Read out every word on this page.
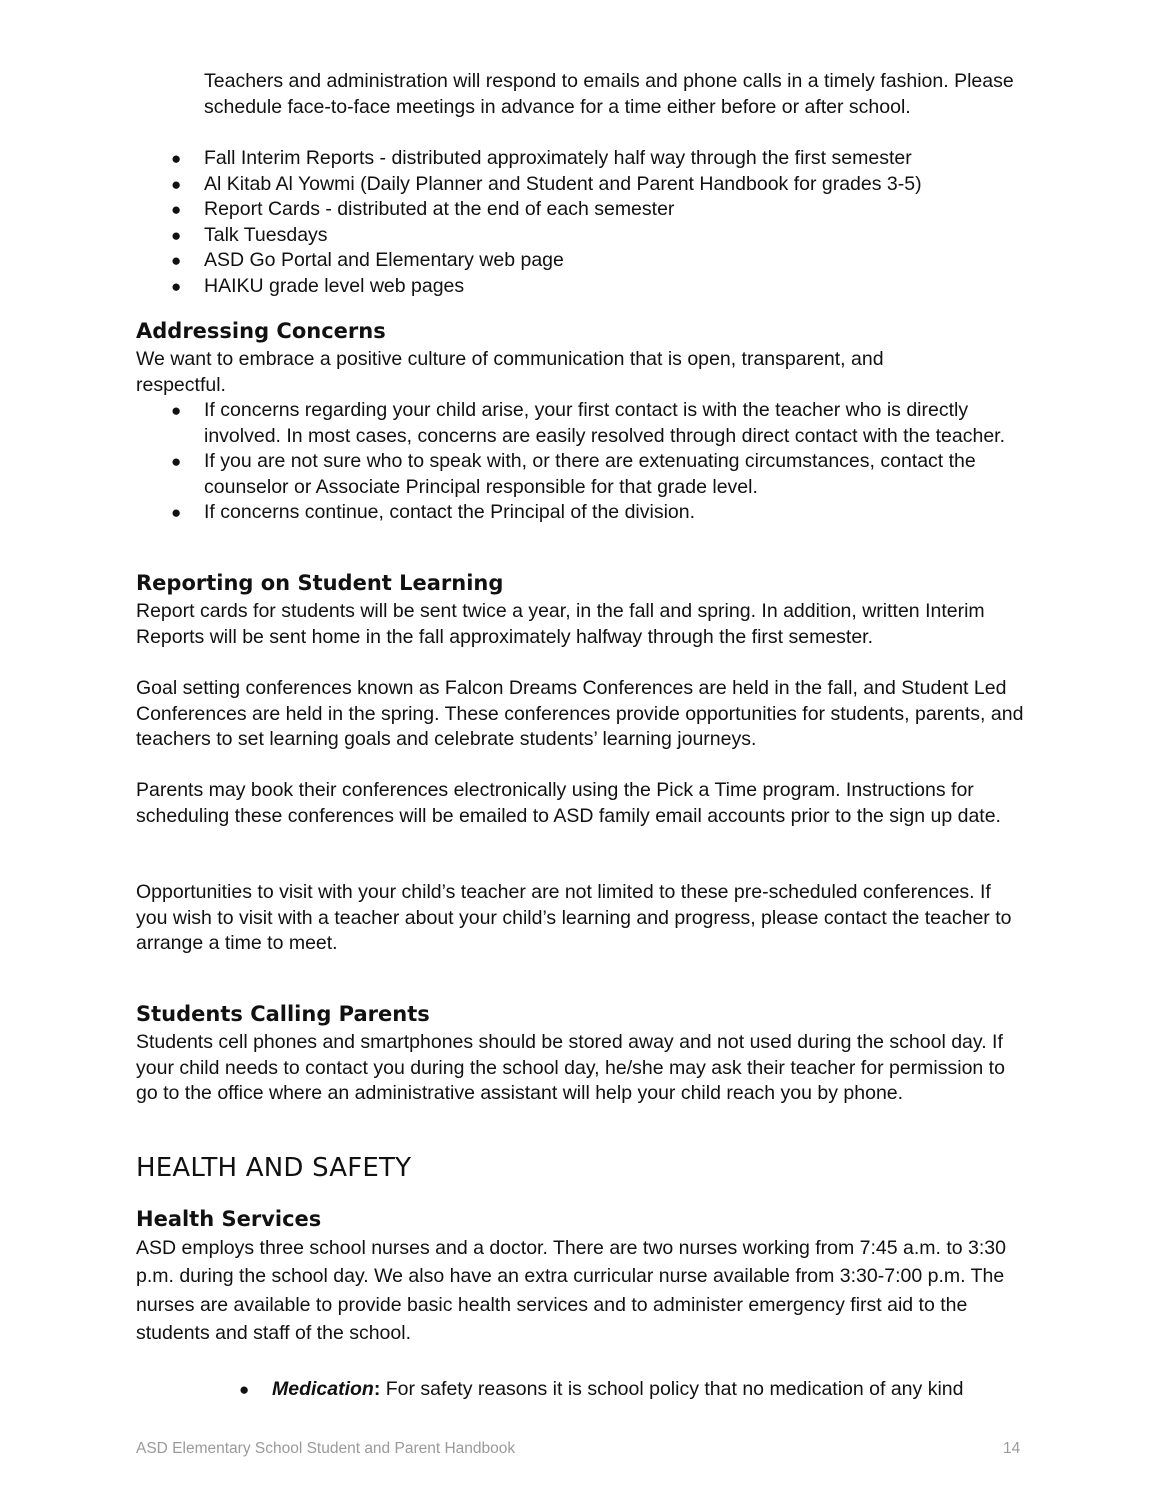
Teachers and administration will respond to emails and phone calls in a timely fashion. Please schedule face-to-face meetings in advance for a time either before or after school.

● Fall Interim Reports - distributed approximately half way through the first semester
● Al Kitab Al Yowmi (Daily Planner and Student and Parent Handbook for grades 3-5)
● Report Cards - distributed at the end of each semester
● Talk Tuesdays
● ASD Go Portal and Elementary web page
● HAIKU grade level web pages
Addressing Concerns

We want to embrace a positive culture of communication that is open, transparent, and respectful.

● If concerns regarding your child arise, your first contact is with the teacher who is directly involved. In most cases, concerns are easily resolved through direct contact with the teacher.
● If you are not sure who to speak with, or there are extenuating circumstances, contact the counselor or Associate Principal responsible for that grade level.
● If concerns continue, contact the Principal of the division.
Reporting on Student Learning

Report cards for students will be sent twice a year, in the fall and spring. In addition, written Interim Reports will be sent home in the fall approximately halfway through the first semester.

Goal setting conferences known as Falcon Dreams Conferences are held in the fall, and Student Led Conferences are held in the spring. These conferences provide opportunities for students, parents, and teachers to set learning goals and celebrate students’ learning journeys.

Parents may book their conferences electronically using the Pick a Time program. Instructions for scheduling these conferences will be emailed to ASD family email accounts prior to the sign up date.

Opportunities to visit with your child’s teacher are not limited to these pre-scheduled conferences. If you wish to visit with a teacher about your child’s learning and progress, please contact the teacher to arrange a time to meet.

Students Calling Parents

Students cell phones and smartphones should be stored away and not used during the school day. If your child needs to contact you during the school day, he/she may ask their teacher for permission to go to the office where an administrative assistant will help your child reach you by phone.

HEALTH AND SAFETY
Health Services

ASD employs three school nurses and a doctor. There are two nurses working from 7:45 a.m. to 3:30 p.m. during the school day. We also have an extra curricular nurse available from 3:30-7:00 p.m. The nurses are available to provide basic health services and to administer emergency first aid to the students and staff of the school.

● Medication: For safety reasons it is school policy that no medication of any kind
ASD Elementary School Student and Parent Handbook	14
